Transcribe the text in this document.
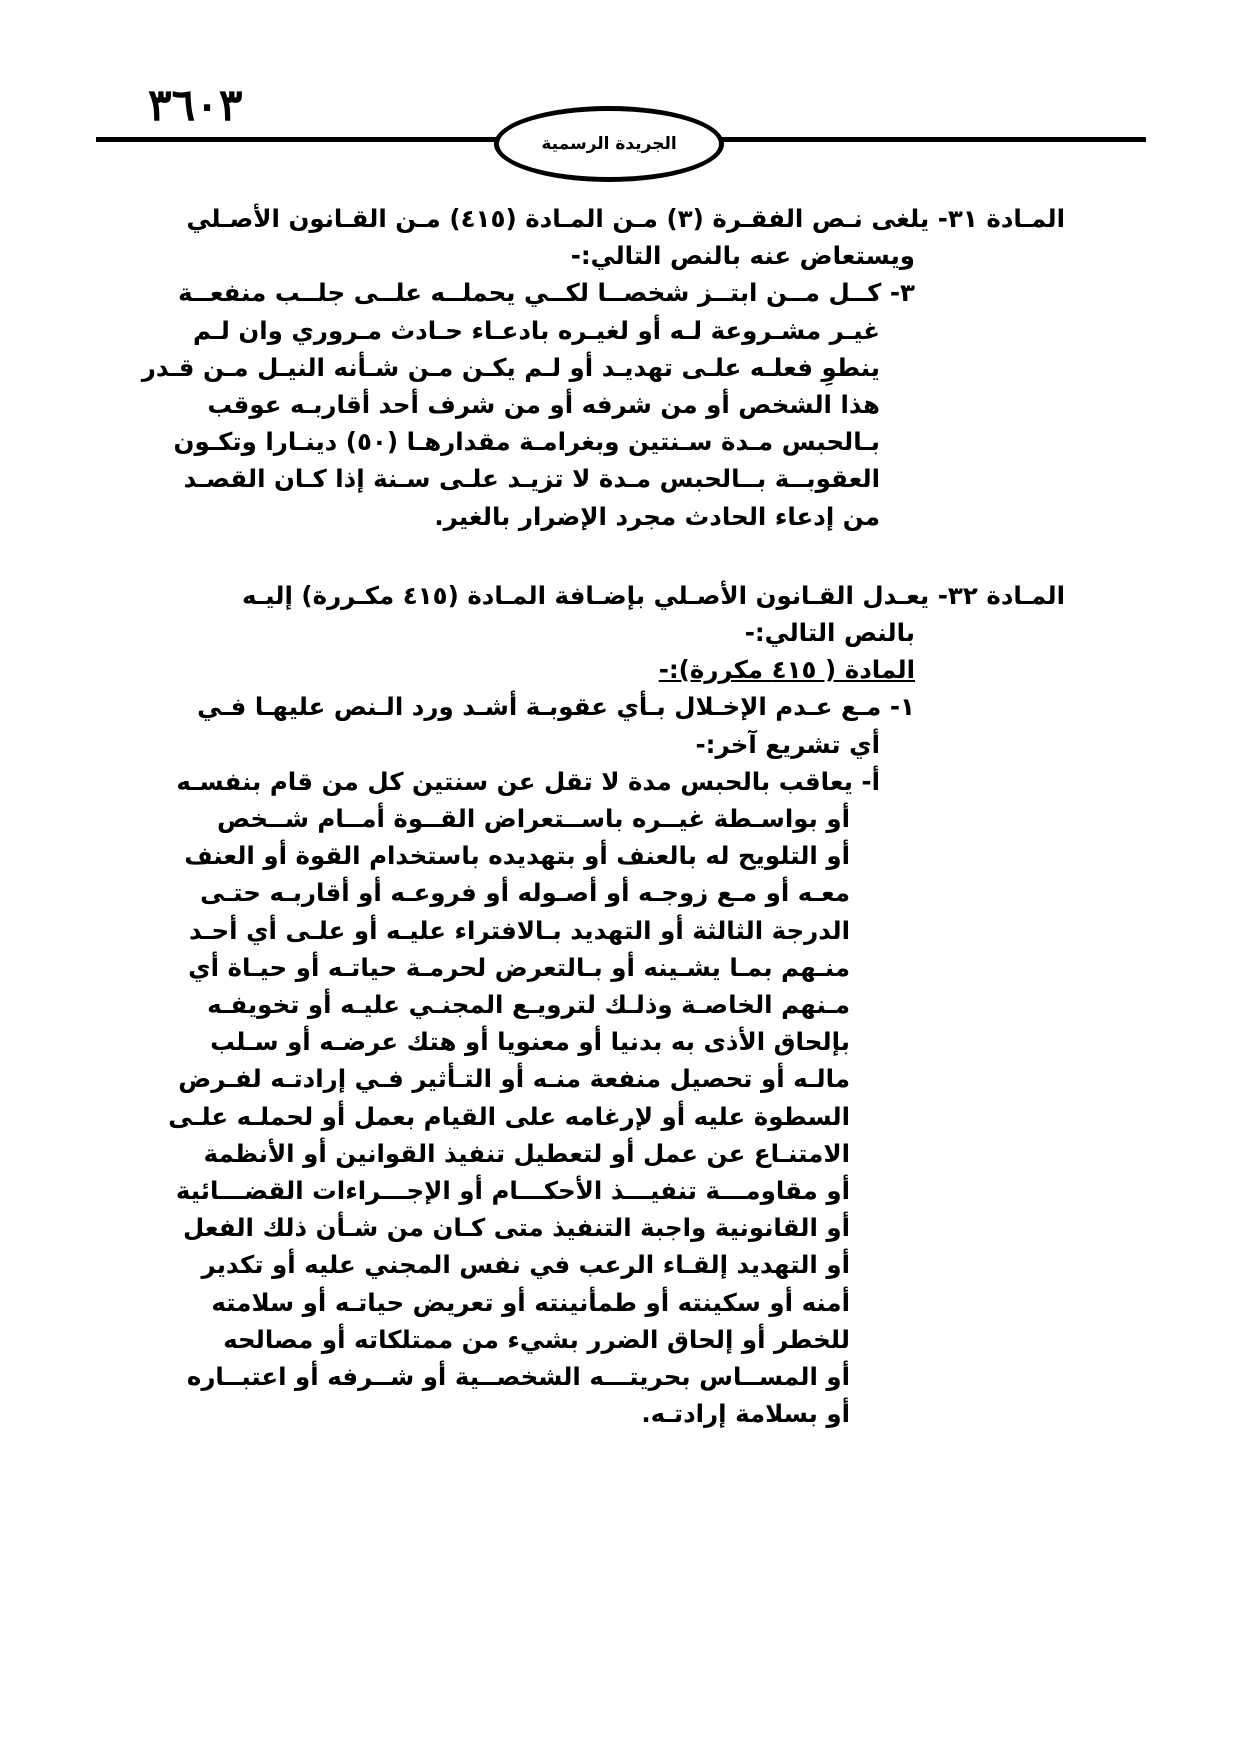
٣٦٠٣
الجريدة الرسمية
المـادة ٣١- يلغى نـص الفقـرة (٣) مـن المـادة (٤١٥) مـن القـانون الأصـلي
ويستعاض عنه بالنص التالي:-
٣- كــل مــن ابتــز شخصــا لكــي يحملــه علــى جلــب منفعــة
غيـر مشـروعة لـه أو لغيـره بادعـاء حـادث مـروري وان لـم
ينطوِ فعلـه علـى تهديـد أو لـم يكـن مـن شـأنه النيـل مـن قـدر
هذا الشخص أو من شرفه أو من شرف أحد أقاربـه عوقب
بـالحبس مـدة سـنتين وبغرامـة مقدارهـا (٥٠) دينـارا وتكـون
العقوبــة بــالحبس مـدة لا تزيـد علـى سـنة إذا كـان القصـد
من إدعاء الحادث مجرد الإضرار بالغير.
المـادة ٣٢- يعـدل القـانون الأصـلي بإضـافة المـادة (٤١٥ مكـررة) إليـه
بالنص التالي:-
المادة ( ٤١٥ مكررة):-
١- مـع عـدم الإخـلال بـأي عقوبـة أشـد ورد الـنص عليهـا فـي
أي تشريع آخر:-
أ- يعاقب بالحبس مدة لا تقل عن سنتين كل من قام بنفسـه
أو بواسـطة غيــره باســتعراض القــوة أمــام شــخص
أو التلويح له بالعنف أو بتهديده باستخدام القوة أو العنف
معـه أو مـع زوجـه أو أصـوله أو فروعـه أو أقاربـه حتـى
الدرجة الثالثة أو التهديد بـالافتراء عليـه أو علـى أي أحـد
منـهم بمـا يشـينه أو بـالتعرض لحرمـة حياتـه أو حيـاة أي
مـنهم الخاصـة وذلـك لترويـع المجنـي عليـه أو تخويفـه
بإلحاق الأذى به بدنيا أو معنويا أو هتك عرضـه أو سـلب
مالـه أو تحصيل منفعة منـه أو التـأثير فـي إرادتـه لفـرض
السطوة عليه أو لإرغامه على القيام بعمل أو لحملـه علـى
الامتنـاع عن عمل أو لتعطيل تنفيذ القوانين أو الأنظمة
أو مقاومـــة تنفيـــذ الأحكـــام أو الإجـــراءات القضـــائية
أو القانونية واجبة التنفيذ متى كـان من شـأن ذلك الفعل
أو التهديد إلقـاء الرعب في نفس المجني عليه أو تكدير
أمنه أو سكينته أو طمأنينته أو تعريض حياتـه أو سلامته
للخطر أو إلحاق الضرر بشيء من ممتلكاته أو مصالحه
أو المســاس بحريتـــه الشخصــية أو شــرفه أو اعتبــاره
أو بسلامة إرادتـه.
